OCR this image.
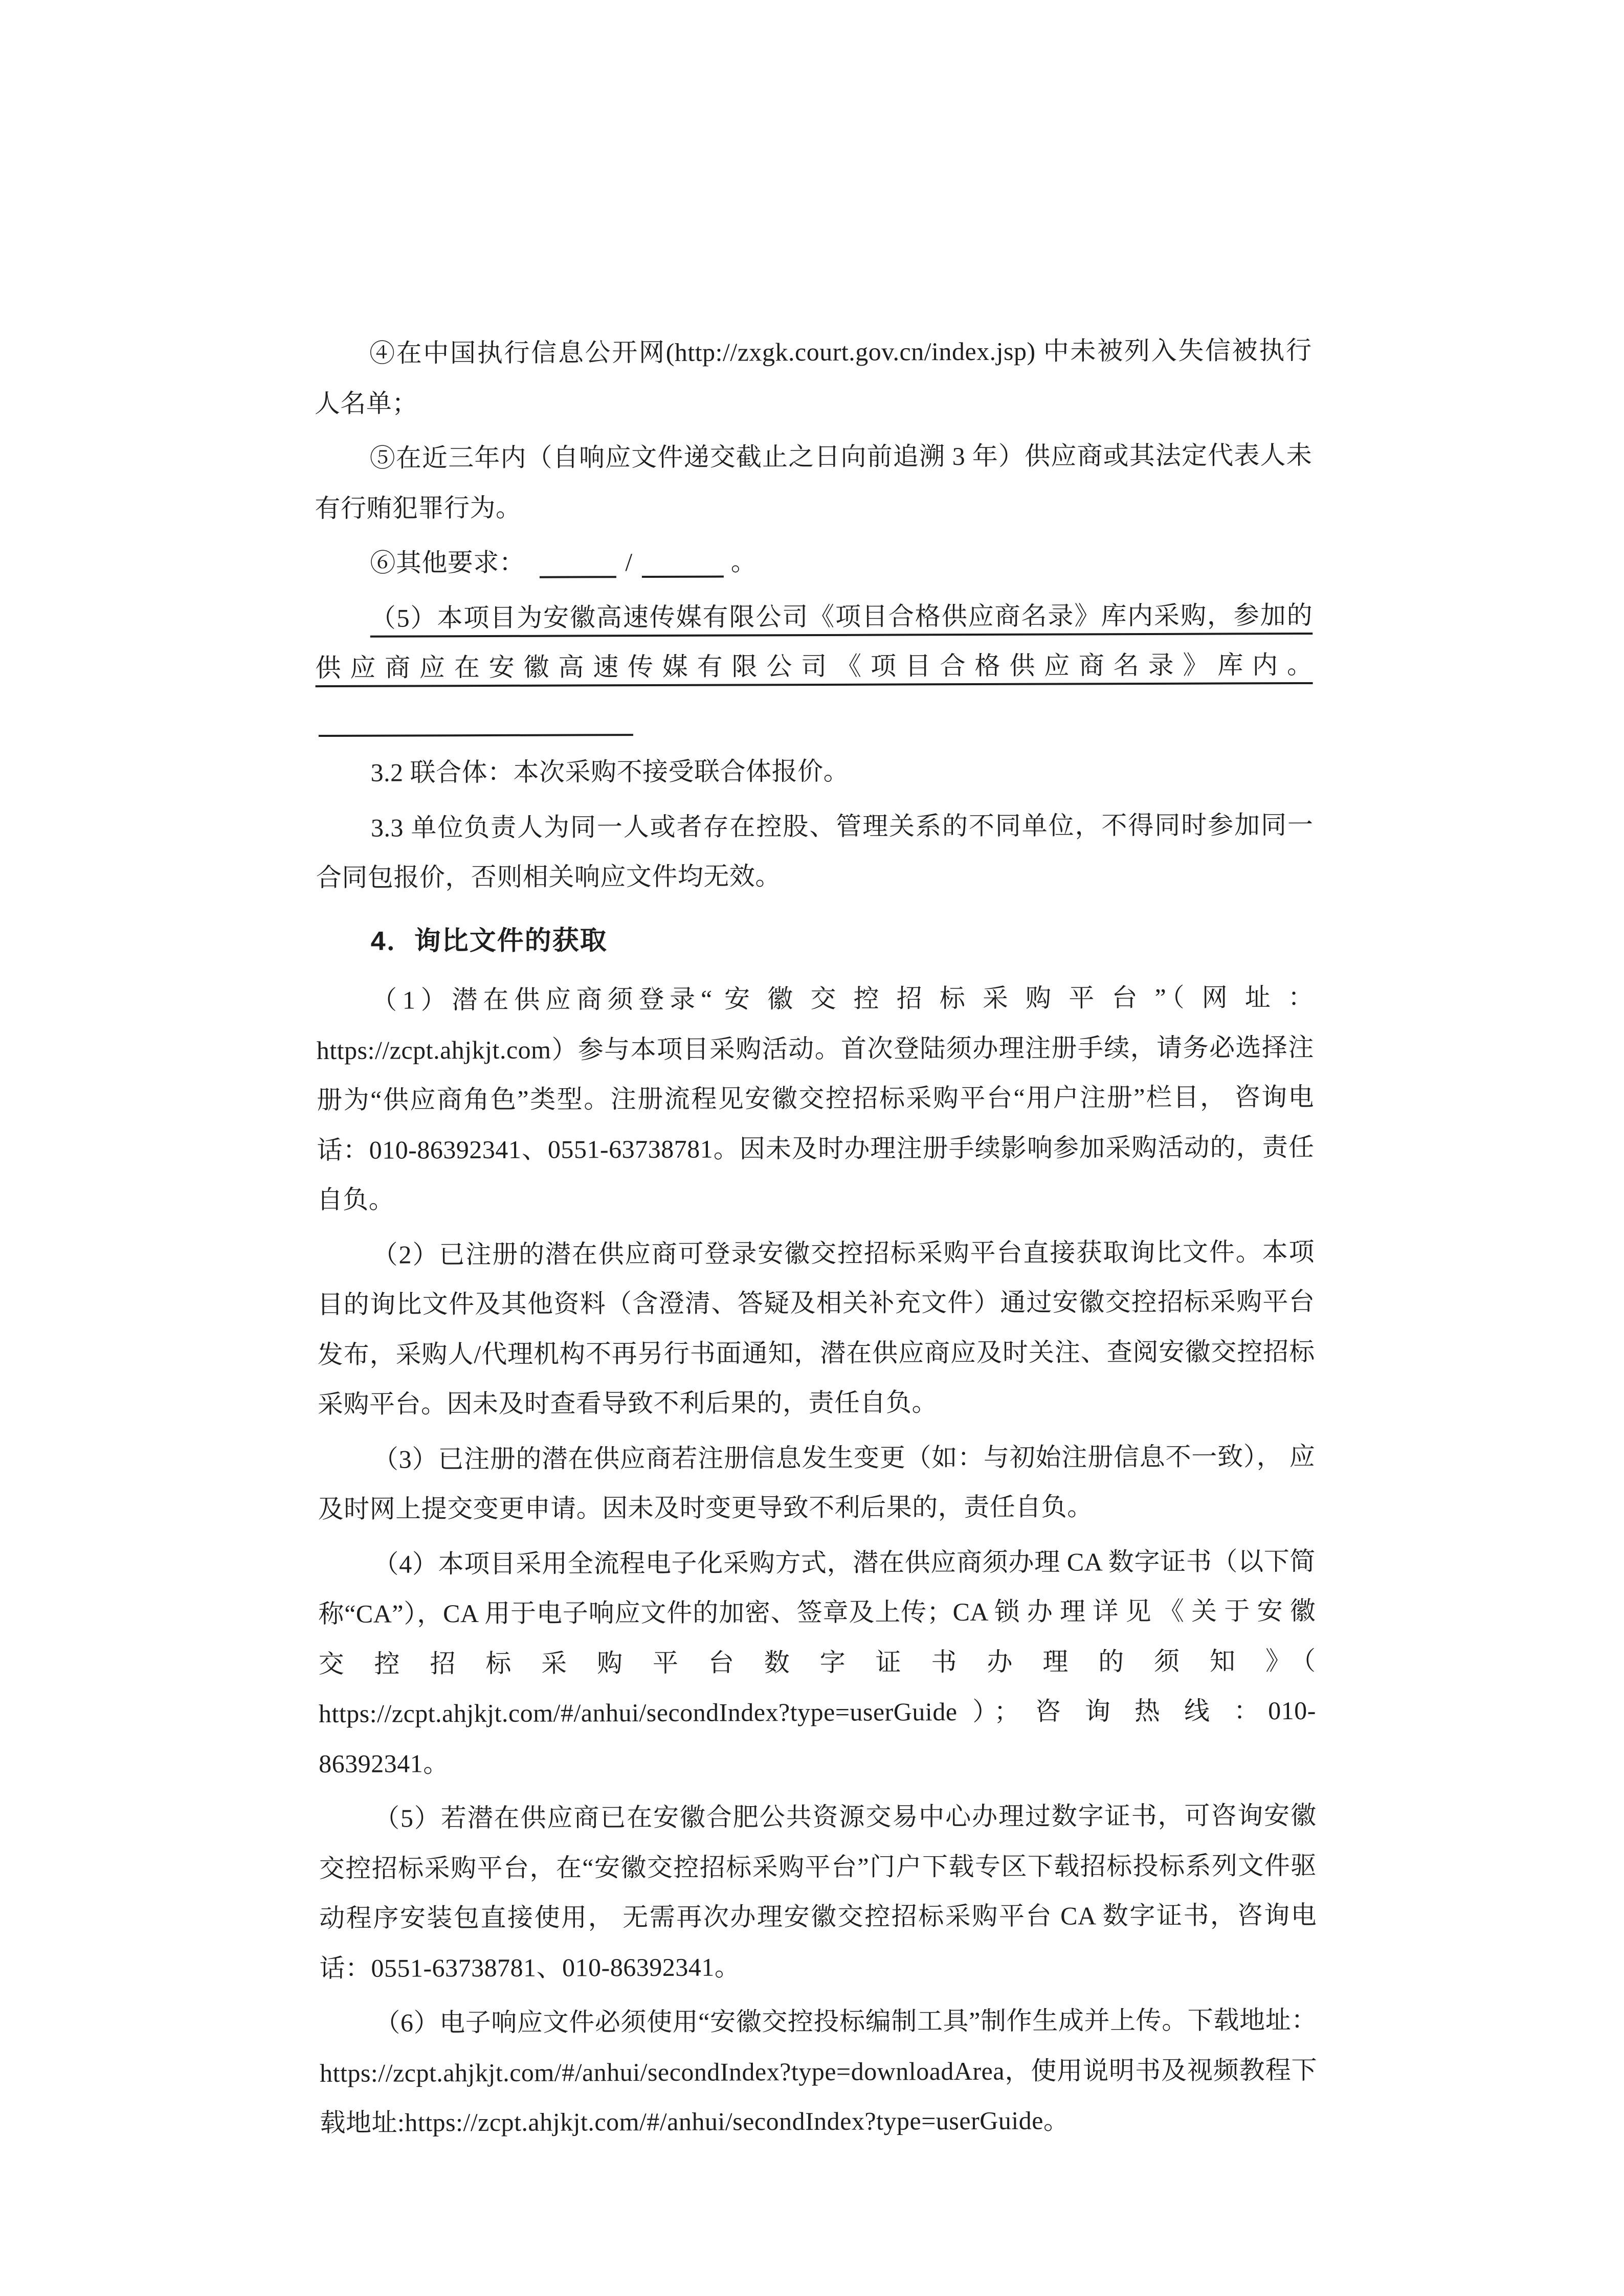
④在中国执行信息公开网(http://zxgk.court.gov.cn/index.jsp) 中未被列入失信被执行人名单；

⑤在近三年内（自响应文件递交截止之日向前追溯 3 年）供应商或其法定代表人未有行贿犯罪行为。

⑥其他要求：	/	。

（5）本项目为安徽高速传媒有限公司《项目合格供应商名录》库内采购，参加的供应商应在安徽高速传媒有限公司《项目合格供应商名录》库内。

3.2 联合体：本次采购不接受联合体报价。

3.3 单位负责人为同一人或者存在控股、管理关系的不同单位，不得同时参加同一合同包报价，否则相关响应文件均无效。

4．询比文件的获取

（1）潜在供应商须登录“ 安 徽 交 控 招 标 采 购 平 台 ”（ 网 址 ：https://zcpt.ahjkjt.com）参与本项目采购活动。首次登陆须办理注册手续，请务必选择注册为“供应商角色”类型。注册流程见安徽交控招标采购平台“用户注册”栏目， 咨询电话：010-86392341、0551-63738781。因未及时办理注册手续影响参加采购活动的，责任自负。

（2）已注册的潜在供应商可登录安徽交控招标采购平台直接获取询比文件。本项目的询比文件及其他资料（含澄清、答疑及相关补充文件）通过安徽交控招标采购平台发布，采购人/代理机构不再另行书面通知，潜在供应商应及时关注、查阅安徽交控招标采购平台。因未及时查看导致不利后果的，责任自负。

（3）已注册的潜在供应商若注册信息发生变更（如：与初始注册信息不一致）， 应及时网上提交变更申请。因未及时变更导致不利后果的，责任自负。

（4）本项目采用全流程电子化采购方式，潜在供应商须办理 CA 数字证书（以下简称“CA”），CA 用于电子响应文件的加密、签章及上传；CA 锁 办 理 详 见 《 关 于 安 徽 交 控 招 标 采 购 平 台 数 字 证 书 办 理 的 须 知 》（ https://zcpt.ahjkjt.com/#/anhui/secondIndex?type=userGuide ）； 咨 询 热 线 ：010-86392341。

（5）若潜在供应商已在安徽合肥公共资源交易中心办理过数字证书，可咨询安徽交控招标采购平台，在“安徽交控招标采购平台”门户下载专区下载招标投标系列文件驱动程序安装包直接使用， 无需再次办理安徽交控招标采购平台 CA 数字证书，咨询电话：0551-63738781、010-86392341。

（6）电子响应文件必须使用“安徽交控投标编制工具”制作生成并上传。下载地址：https://zcpt.ahjkjt.com/#/anhui/secondIndex?type=downloadArea，使用说明书及视频教程下载地址:https://zcpt.ahjkjt.com/#/anhui/secondIndex?type=userGuide。
